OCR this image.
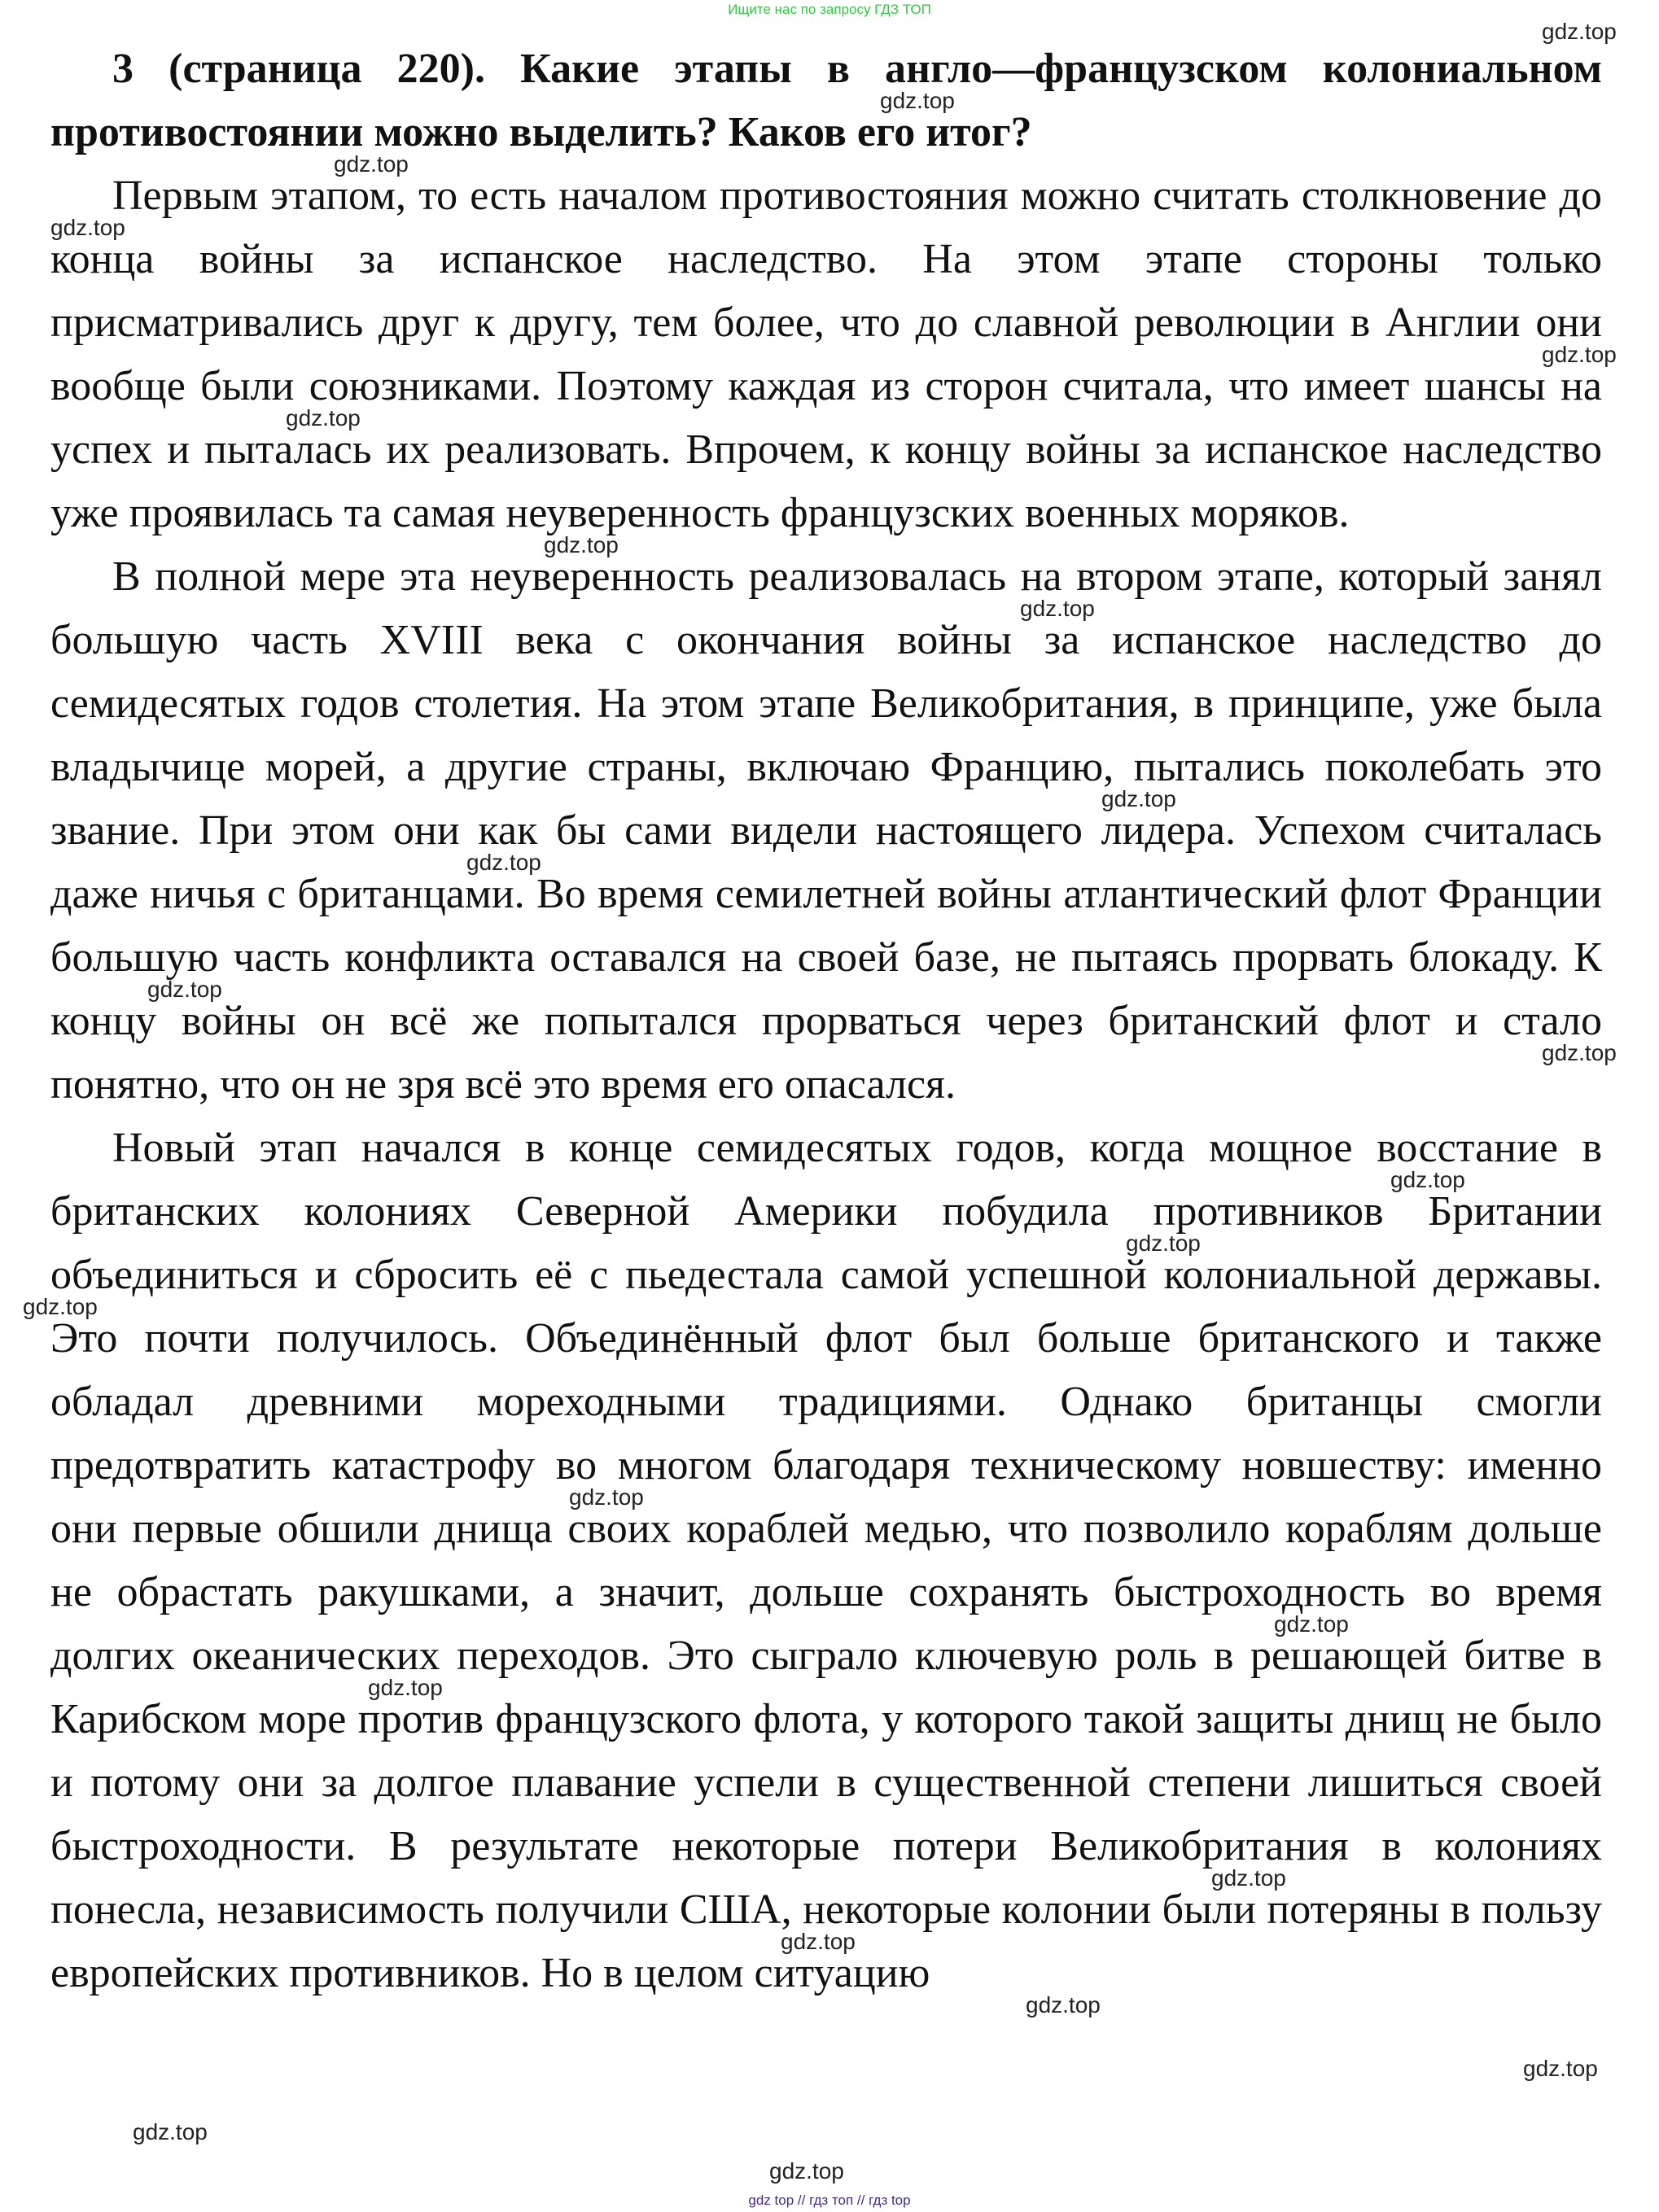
Ищите нас по запросу ГДЗ ТОП
3 (страница 220). Какие этапы в англо—французском колониальном противостоянии можно выделить? Каков его итог?

Первым этапом, то есть началом противостояния можно считать столкновение до конца войны за испанское наследство. На этом этапе стороны только присматривались друг к другу, тем более, что до славной революции в Англии они вообще были союзниками. Поэтому каждая из сторон считала, что имеет шансы на успех и пыталась их реализовать. Впрочем, к концу войны за испанское наследство уже проявилась та самая неуверенность французских военных моряков.

В полной мере эта неуверенность реализовалась на втором этапе, который занял большую часть XVIII века с окончания войны за испанское наследство до семидесятых годов столетия. На этом этапе Великобритания, в принципе, уже была владычице морей, а другие страны, включаю Францию, пытались поколебать это звание. При этом они как бы сами видели настоящего лидера. Успехом считалась даже ничья с британцами. Во время семилетней войны атлантический флот Франции большую часть конфликта оставался на своей базе, не пытаясь прорвать блокаду. К концу войны он всё же попытался прорваться через британский флот и стало понятно, что он не зря всё это время его опасался.

Новый этап начался в конце семидесятых годов, когда мощное восстание в британских колониях Северной Америки побудила противников Британии объединиться и сбросить её с пьедестала самой успешной колониальной державы. Это почти получилось. Объединённый флот был больше британского и также обладал древними мореходными традициями. Однако британцы смогли предотвратить катастрофу во многом благодаря техническому новшеству: именно они первые обшили днища своих кораблей медью, что позволило кораблям дольше не обрастать ракушками, а значит, дольше сохранять быстроходность во время долгих океанических переходов. Это сыграло ключевую роль в решающей битве в Карибском море против французского флота, у которого такой защиты днищ не было и потому они за долгое плавание успели в существенной степени лишиться своей быстроходности. В результате некоторые потери Великобритания в колониях понесла, независимость получили США, некоторые колонии были потеряны в пользу европейских противников. Но в целом ситуацию

gdz.top
gdz.top
gdz.top
gdz.top
gdz.top
gdz.top
gdz.top
gdz.top
gdz.top
gdz.top
gdz.top
gdz.top
gdz.top
gdz.top
gdz.top
gdz.top
gdz.top
gdz.top
gdz.top
gdz.top
gdz.top
gdz.top
gdz.top
gdz.top
gdz top // гдз топ // гдз top
